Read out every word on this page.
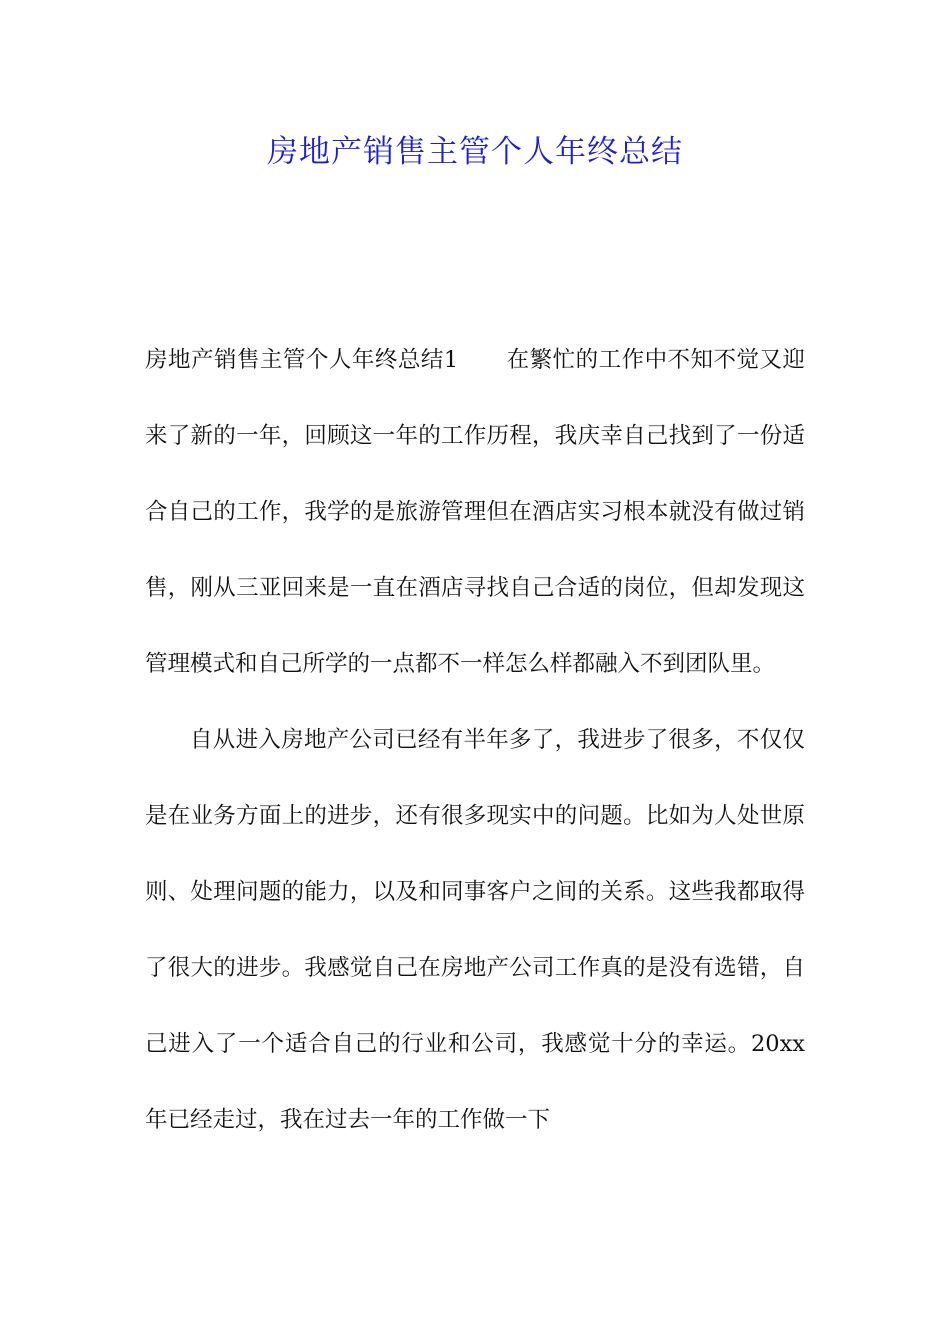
房地产销售主管个人年终总结

房地产销售主管个人年终总结1 在繁忙的工作中不知不觉又迎来了新的一年，回顾这一年的工作历程，我庆幸自己找到了一份适合自己的工作，我学的是旅游管理但在酒店实习根本就没有做过销售，刚从三亚回来是一直在酒店寻找自己合适的岗位，但却发现这管理模式和自己所学的一点都不一样怎么样都融入不到团队里。

自从进入房地产公司已经有半年多了，我进步了很多，不仅仅是在业务方面上的进步，还有很多现实中的问题。比如为人处世原则、处理问题的能力，以及和同事客户之间的关系。这些我都取得了很大的进步。我感觉自己在房地产公司工作真的是没有选错，自己进入了一个适合自己的行业和公司，我感觉十分的幸运。20xx年已经走过，我在过去一年的工作做一下
